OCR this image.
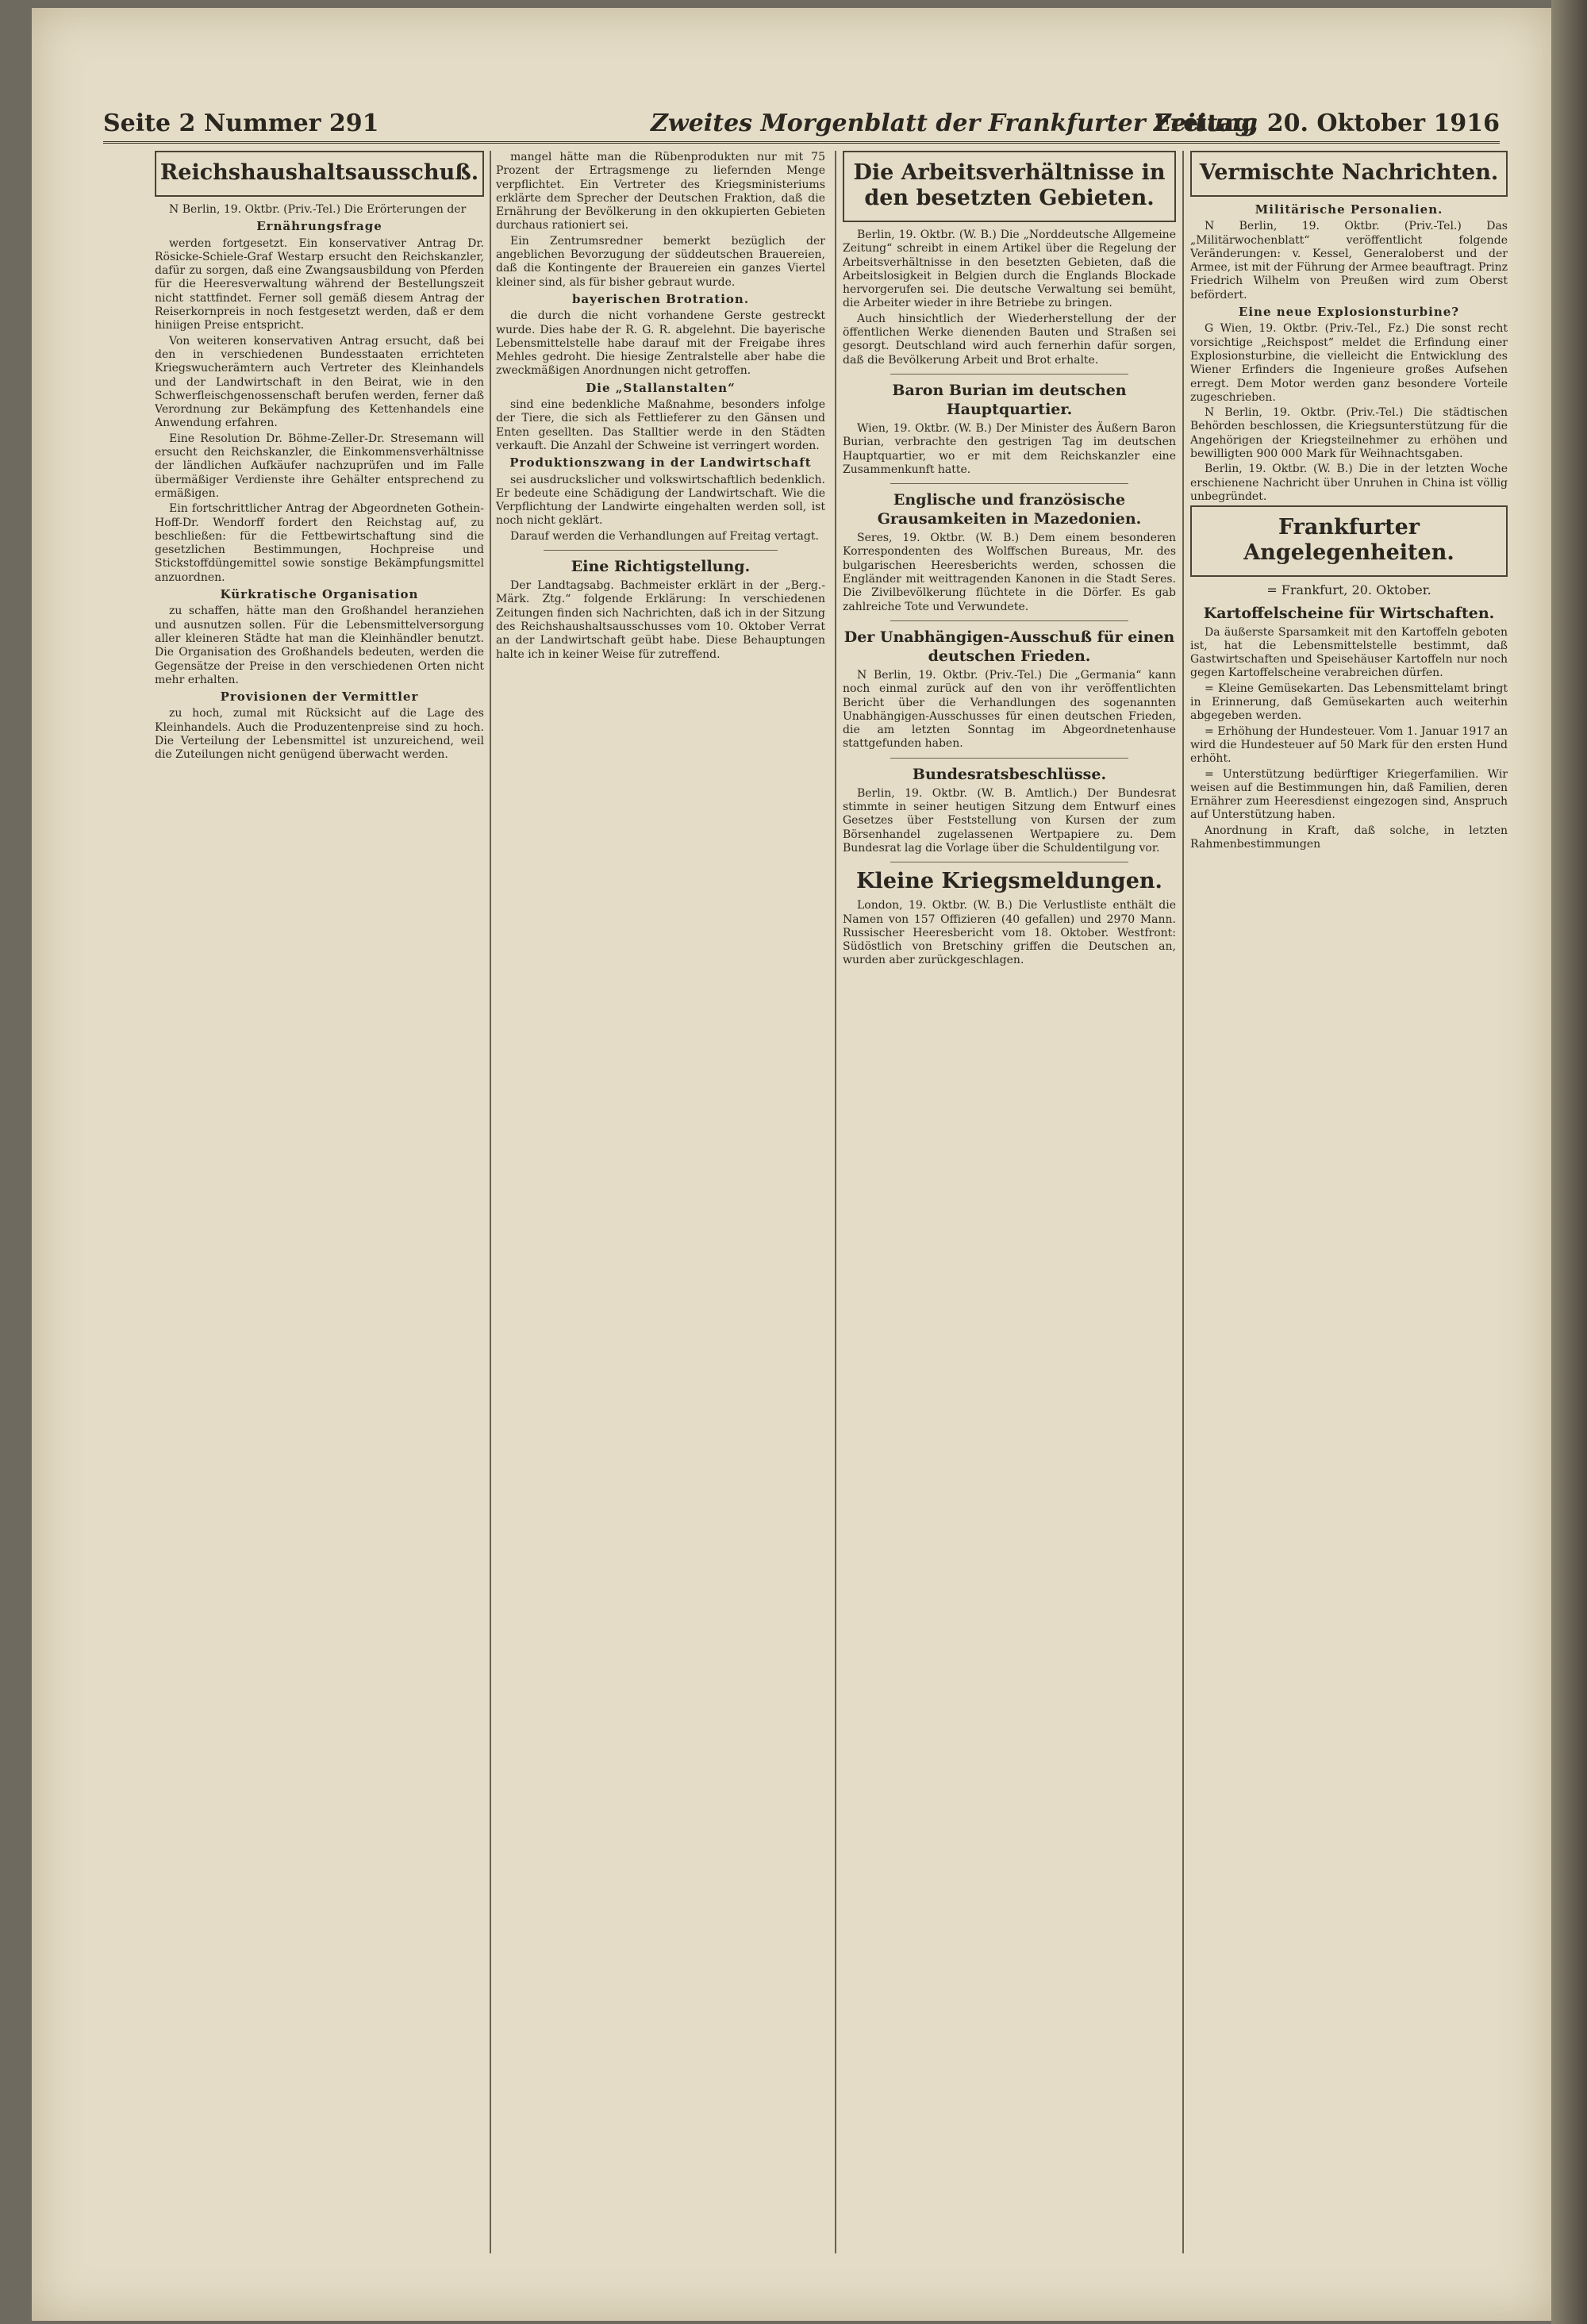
Seite 2 Nummer 291	Zweites Morgenblatt der Frankfurter Zeitung
Freitag, 20. Oktober 1916
Reichshaushaltsausschuß.

N Berlin, 19. Oktbr. (Priv.-Tel.) Die Erörterungen der

Ernährungsfrage

werden fortgesetzt. Ein konservativer Antrag Dr. Rösicke-Schiele-Graf Westarp ersucht den Reichskanzler, dafür zu sorgen, daß eine Zwangsausbildung von Pferden für die Heeresverwaltung während der Bestellungszeit nicht stattfindet. Ferner soll gemäß diesem Antrag der Reiserkornpreis in noch festgesetzt werden, daß er dem hiniigen Preise entspricht.

Von weiteren konservativen Antrag ersucht, daß bei den in verschiedenen Bundesstaaten errichteten Kriegswucherämtern auch Vertreter des Kleinhandels und der Landwirtschaft in den Beirat, wie in den Schwerfleischgenossenschaft berufen werden, ferner daß Verordnung zur Bekämpfung des Kettenhandels eine Anwendung erfahren.

Eine Resolution Dr. Böhme-Zeller-Dr. Stresemann will ersucht den Reichskanzler, die Einkommensverhältnisse der ländlichen Aufkäufer nachzuprüfen und im Falle übermäßiger Verdienste ihre Gehälter entsprechend zu ermäßigen.

Ein fortschrittlicher Antrag der Abgeordneten Gothein-Hoff-Dr. Wendorff fordert den Reichstag auf, zu beschließen: für die Fettbewirtschaftung sind die gesetzlichen Bestimmungen, Hochpreise und Stickstoffdüngemittel sowie sonstige Bekämpfungsmittel anzuordnen.

Kürkratische Organisation

zu schaffen, hätte man den Großhandel heranziehen und ausnutzen sollen. Für die Lebensmittelversorgung aller kleineren Städte hat man die Kleinhändler benutzt. Die Organisation des Großhandels bedeuten, werden die Gegensätze der Preise in den verschiedenen Orten nicht mehr erhalten.

Provisionen der Vermittler

zu hoch, zumal mit Rücksicht auf die Lage des Kleinhandels. Auch die Produzentenpreise sind zu hoch. Die Verteilung der Lebensmittel ist unzureichend, weil die Zuteilungen nicht genügend überwacht werden.

mangel hätte man die Rübenprodukten nur mit 75 Prozent der Ertragsmenge zu liefernden Menge verpflichtet. Ein Vertreter des Kriegsministeriums erklärte dem Sprecher der Deutschen Fraktion, daß die Ernährung der Bevölkerung in den okkupierten Gebieten durchaus rationiert sei.

Ein Zentrumsredner bemerkt bezüglich der angeblichen Bevorzugung der süddeutschen Brauereien, daß die Kontingente der Brauereien ein ganzes Viertel kleiner sind, als für bisher gebraut wurde.

bayerischen Brotration.

die durch die nicht vorhandene Gerste gestreckt wurde. Dies habe der R. G. R. abgelehnt. Die bayerische Lebensmittelstelle habe darauf mit der Freigabe ihres Mehles gedroht. Die hiesige Zentralstelle aber habe die zweckmäßigen Anordnungen nicht getroffen.

Die „Stallanstalten“

sind eine bedenkliche Maßnahme, besonders infolge der Tiere, die sich als Fettlieferer zu den Gänsen und Enten gesellten. Das Stalltier werde in den Städten verkauft. Die Anzahl der Schweine ist verringert worden.

Produktionszwang in der Landwirtschaft

sei ausdruckslicher und volkswirtschaftlich bedenklich. Er bedeute eine Schädigung der Landwirtschaft. Wie die Verpflichtung der Landwirte eingehalten werden soll, ist noch nicht geklärt.

Darauf werden die Verhandlungen auf Freitag vertagt.

Eine Richtigstellung.

Der Landtagsabg. Bachmeister erklärt in der „Berg.-Märk. Ztg.“ folgende Erklärung: In verschiedenen Zeitungen finden sich Nachrichten, daß ich in der Sitzung des Reichshaushaltsausschusses vom 10. Oktober Verrat an der Landwirtschaft geübt habe. Diese Behauptungen halte ich in keiner Weise für zutreffend.

Die Arbeitsverhältnisse in den besetzten Gebieten.

Berlin, 19. Oktbr. (W. B.) Die „Norddeutsche Allgemeine Zeitung“ schreibt in einem Artikel über die Regelung der Arbeitsverhältnisse in den besetzten Gebieten, daß die Arbeitslosigkeit in Belgien durch die Englands Blockade hervorgerufen sei. Die deutsche Verwaltung sei bemüht, die Arbeiter wieder in ihre Betriebe zu bringen.

Auch hinsichtlich der Wiederherstellung der der öffentlichen Werke dienenden Bauten und Straßen sei gesorgt. Deutschland wird auch fernerhin dafür sorgen, daß die Bevölkerung Arbeit und Brot erhalte.

Baron Burian im deutschen Hauptquartier.

Wien, 19. Oktbr. (W. B.) Der Minister des Äußern Baron Burian, verbrachte den gestrigen Tag im deutschen Hauptquartier, wo er mit dem Reichskanzler eine Zusammenkunft hatte.

Englische und französische Grausamkeiten in Mazedonien.

Seres, 19. Oktbr. (W. B.) Dem einem besonderen Korrespondenten des Wolffschen Bureaus, Mr. des bulgarischen Heeresberichts werden, schossen die Engländer mit weittragenden Kanonen in die Stadt Seres. Die Zivilbevölkerung flüchtete in die Dörfer. Es gab zahlreiche Tote und Verwundete.

Der Unabhängigen-Ausschuß für einen deutschen Frieden.

N Berlin, 19. Oktbr. (Priv.-Tel.) Die „Germania“ kann noch einmal zurück auf den von ihr veröffentlichten Bericht über die Verhandlungen des sogenannten Unabhängigen-Ausschusses für einen deutschen Frieden, die am letzten Sonntag im Abgeordnetenhause stattgefunden haben.

Bundesratsbeschlüsse.

Berlin, 19. Oktbr. (W. B. Amtlich.) Der Bundesrat stimmte in seiner heutigen Sitzung dem Entwurf eines Gesetzes über Feststellung von Kursen der zum Börsenhandel zugelassenen Wertpapiere zu. Dem Bundesrat lag die Vorlage über die Schuldentilgung vor.

Kleine Kriegsmeldungen.

London, 19. Oktbr. (W. B.) Die Verlustliste enthält die Namen von 157 Offizieren (40 gefallen) und 2970 Mann. Russischer Heeresbericht vom 18. Oktober. Westfront: Südöstlich von Bretschiny griffen die Deutschen an, wurden aber zurückgeschlagen.

Vermischte Nachrichten.
Militärische Personalien.

N Berlin, 19. Oktbr. (Priv.-Tel.) Das „Militärwochenblatt“ veröffentlicht folgende Veränderungen: v. Kessel, Generaloberst und der Armee, ist mit der Führung der Armee beauftragt. Prinz Friedrich Wilhelm von Preußen wird zum Oberst befördert.

Eine neue Explosionsturbine?

G Wien, 19. Oktbr. (Priv.-Tel., Fz.) Die sonst recht vorsichtige „Reichspost“ meldet die Erfindung einer Explosionsturbine, die vielleicht die Entwicklung des Wiener Erfinders die Ingenieure großes Aufsehen erregt. Dem Motor werden ganz besondere Vorteile zugeschrieben.

N Berlin, 19. Oktbr. (Priv.-Tel.) Die städtischen Behörden beschlossen, die Kriegsunterstützung für die Angehörigen der Kriegsteilnehmer zu erhöhen und bewilligten 900 000 Mark für Weihnachtsgaben.

Berlin, 19. Oktbr. (W. B.) Die in der letzten Woche erschienene Nachricht über Unruhen in China ist völlig unbegründet.

Frankfurter Angelegenheiten.
= Frankfurt, 20. Oktober.
Kartoffelscheine für Wirtschaften.

Da äußerste Sparsamkeit mit den Kartoffeln geboten ist, hat die Lebensmittelstelle bestimmt, daß Gastwirtschaften und Speisehäuser Kartoffeln nur noch gegen Kartoffelscheine verabreichen dürfen.

= Kleine Gemüsekarten. Das Lebensmittelamt bringt in Erinnerung, daß Gemüsekarten auch weiterhin abgegeben werden.

= Erhöhung der Hundesteuer. Vom 1. Januar 1917 an wird die Hundesteuer auf 50 Mark für den ersten Hund erhöht.

= Unterstützung bedürftiger Kriegerfamilien. Wir weisen auf die Bestimmungen hin, daß Familien, deren Ernährer zum Heeresdienst eingezogen sind, Anspruch auf Unterstützung haben.

Anordnung in Kraft, daß solche, in letzten Rahmenbestimmungen
